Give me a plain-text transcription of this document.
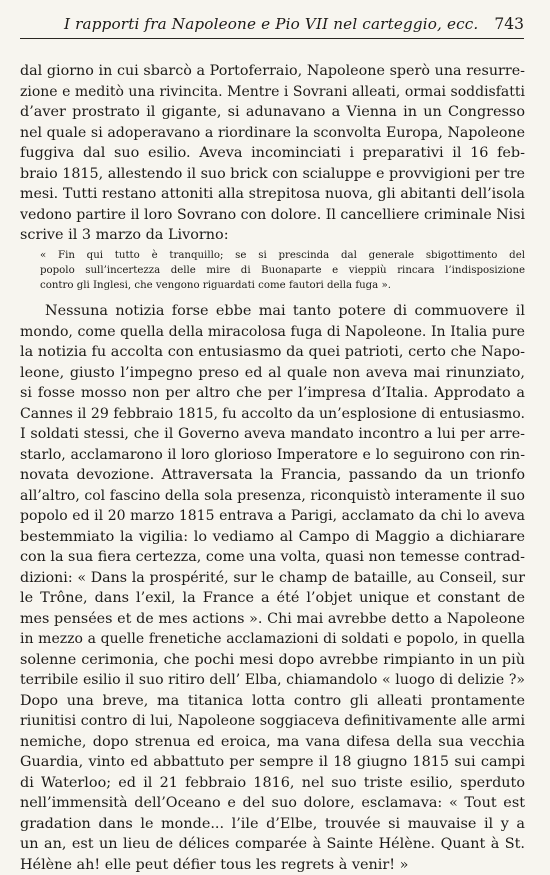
I rapporti fra Napoleone e Pio VII nel carteggio, ecc. 743
dal giorno in cui sbarcò a Portoferraio, Napoleone sperò una resurre-
zione e meditò una rivincita. Mentre i Sovrani alleati, ormai soddisfatti
d’aver prostrato il gigante, si adunavano a Vienna in un Congresso
nel quale si adoperavano a riordinare la sconvolta Europa, Napoleone
fuggiva dal suo esilio. Aveva incominciati i preparativi il 16 feb-
braio 1815, allestendo il suo brick con scialuppe e provvigioni per tre
mesi. Tutti restano attoniti alla strepitosa nuova, gli abitanti dell’isola
vedono partire il loro Sovrano con dolore. Il cancelliere criminale Nisi
scrive il 3 marzo da Livorno:
« Fin qui tutto è tranquillo; se si prescinda dal generale sbigottimento del
popolo sull’incertezza delle mire di Buonaparte e vieppiù rincara l’indisposizione
contro gli Inglesi, che vengono riguardati come fautori della fuga ».
Nessuna notizia forse ebbe mai tanto potere di commuovere il
mondo, come quella della miracolosa fuga di Napoleone. In Italia pure
la notizia fu accolta con entusiasmo da quei patrioti, certo che Napo-
leone, giusto l’impegno preso ed al quale non aveva mai rinunziato,
si fosse mosso non per altro che per l’impresa d’Italia. Approdato a
Cannes il 29 febbraio 1815, fu accolto da un’esplosione di entusiasmo.
I soldati stessi, che il Governo aveva mandato incontro a lui per arre-
starlo, acclamarono il loro glorioso Imperatore e lo seguirono con rin-
novata devozione. Attraversata la Francia, passando da un trionfo
all’altro, col fascino della sola presenza, riconquistò interamente il suo
popolo ed il 20 marzo 1815 entrava a Parigi, acclamato da chi lo aveva
bestemmiato la vigilia: lo vediamo al Campo di Maggio a dichiarare
con la sua fiera certezza, come una volta, quasi non temesse contrad-
dizioni: « Dans la prospérité, sur le champ de bataille, au Conseil, sur
le Trône, dans l’exil, la France a été l’objet unique et constant de
mes pensées et de mes actions ». Chi mai avrebbe detto a Napoleone
in mezzo a quelle frenetiche acclamazioni di soldati e popolo, in quella
solenne cerimonia, che pochi mesi dopo avrebbe rimpianto in un più
terribile esilio il suo ritiro dell’ Elba, chiamandolo « luogo di delizie ?»
Dopo una breve, ma titanica lotta contro gli alleati prontamente
riunitisi contro di lui, Napoleone soggiaceva definitivamente alle armi
nemiche, dopo strenua ed eroica, ma vana difesa della sua vecchia
Guardia, vinto ed abbattuto per sempre il 18 giugno 1815 sui campi
di Waterloo; ed il 21 febbraio 1816, nel suo triste esilio, sperduto
nell’immensità dell’Oceano e del suo dolore, esclamava: « Tout est
gradation dans le monde... l’ile d’Elbe, trouvée si mauvaise il y a
un an, est un lieu de délices comparée à Sainte Hélène. Quant à St.
Hélène ah! elle peut défier tous les regrets à venir! »
